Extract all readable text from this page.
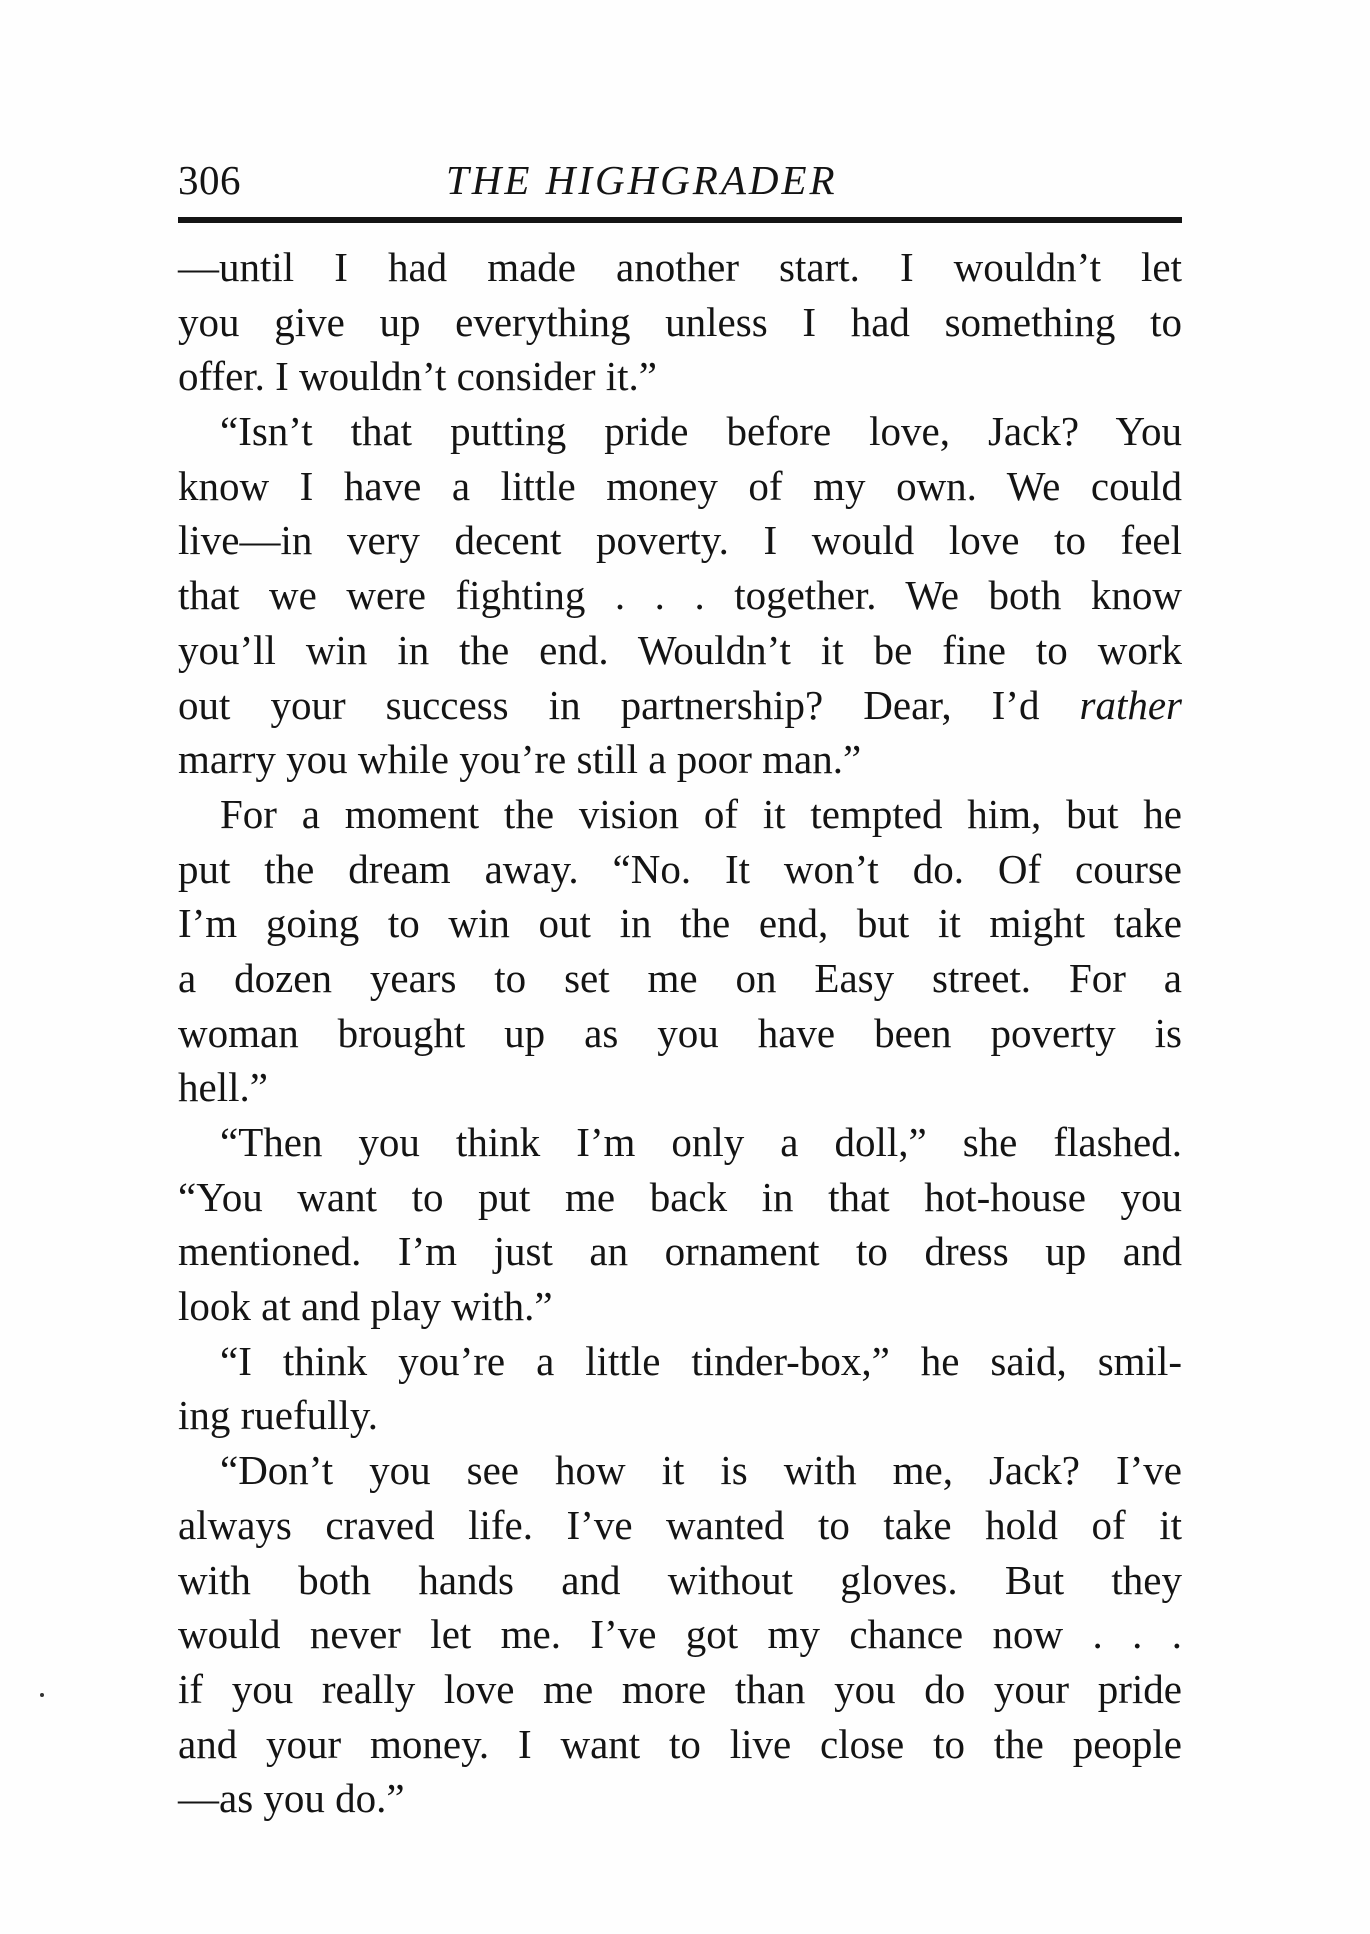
306	THE HIGHGRADER
—until I had made another start. I wouldn’t let
you give up everything unless I had something to
offer. I wouldn’t consider it.”
“Isn’t that putting pride before love, Jack? You
know I have a little money of my own. We could
live—in very decent poverty. I would love to feel
that we were fighting . . . together. We both know
you’ll win in the end. Wouldn’t it be fine to work
out your success in partnership? Dear, I’d rather
marry you while you’re still a poor man.”
For a moment the vision of it tempted him, but he
put the dream away. “No. It won’t do. Of course
I’m going to win out in the end, but it might take
a dozen years to set me on Easy street. For a
woman brought up as you have been poverty is
hell.”
“Then you think I’m only a doll,” she flashed.
“You want to put me back in that hot-house you
mentioned. I’m just an ornament to dress up and
look at and play with.”
“I think you’re a little tinder-box,” he said, smil-
ing ruefully.
“Don’t you see how it is with me, Jack? I’ve
always craved life. I’ve wanted to take hold of it
with both hands and without gloves. But they
would never let me. I’ve got my chance now . . .
if you really love me more than you do your pride
and your money. I want to live close to the people
—as you do.”
